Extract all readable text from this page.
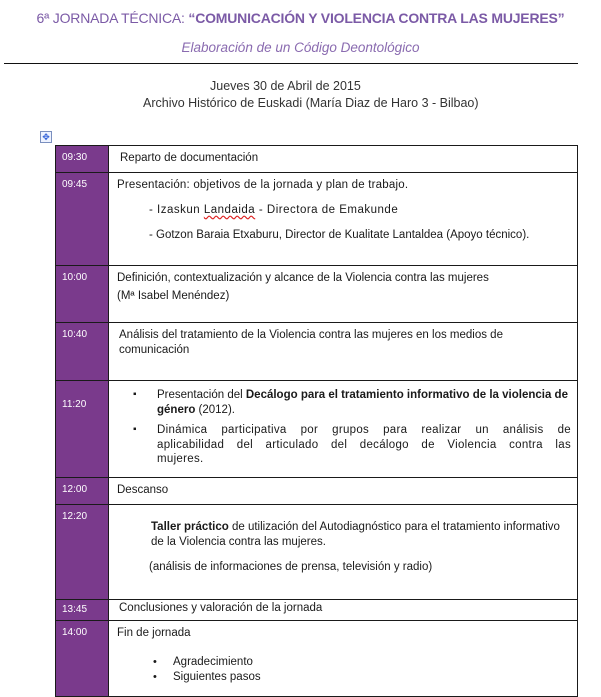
6ª JORNADA TÉCNICA: “COMUNICACIÓN Y VIOLENCIA CONTRA LAS MUJERES”
Elaboración de un Código Deontológico
Jueves 30 de Abril de 2015
Archivo Histórico de Euskadi (María Diaz de Haro 3 - Bilbao)
✥
09:30	Reparto de documentación

09:45	Presentación: objetivos de la jornada y plan de trabajo.
- Izaskun Landaida - Directora de Emakunde
- Gotzon Baraia Etxaburu, Director de Kualitate Lantaldea (Apoyo técnico).

10:00	Definición, contextualización y alcance de la Violencia contra las mujeres
(Mª Isabel Menéndez)

10:40	Análisis del tratamiento de la Violencia contra las mujeres en los medios de comunicación

11:20	▪ Presentación del Decálogo para el tratamiento informativo de la violencia de género (2012).
▪ Dinámica participativa por grupos para realizar un análisis de aplicabilidad del articulado del decálogo de Violencia contra las mujeres.

12:00	Descanso

12:20	Taller práctico de utilización del Autodiagnóstico para el tratamiento informativo de la Violencia contra las mujeres.
(análisis de informaciones de prensa, televisión y radio)

13:45	Conclusiones y valoración de la jornada

14:00	Fin de jornada
• Agradecimiento
• Siguientes pasos
